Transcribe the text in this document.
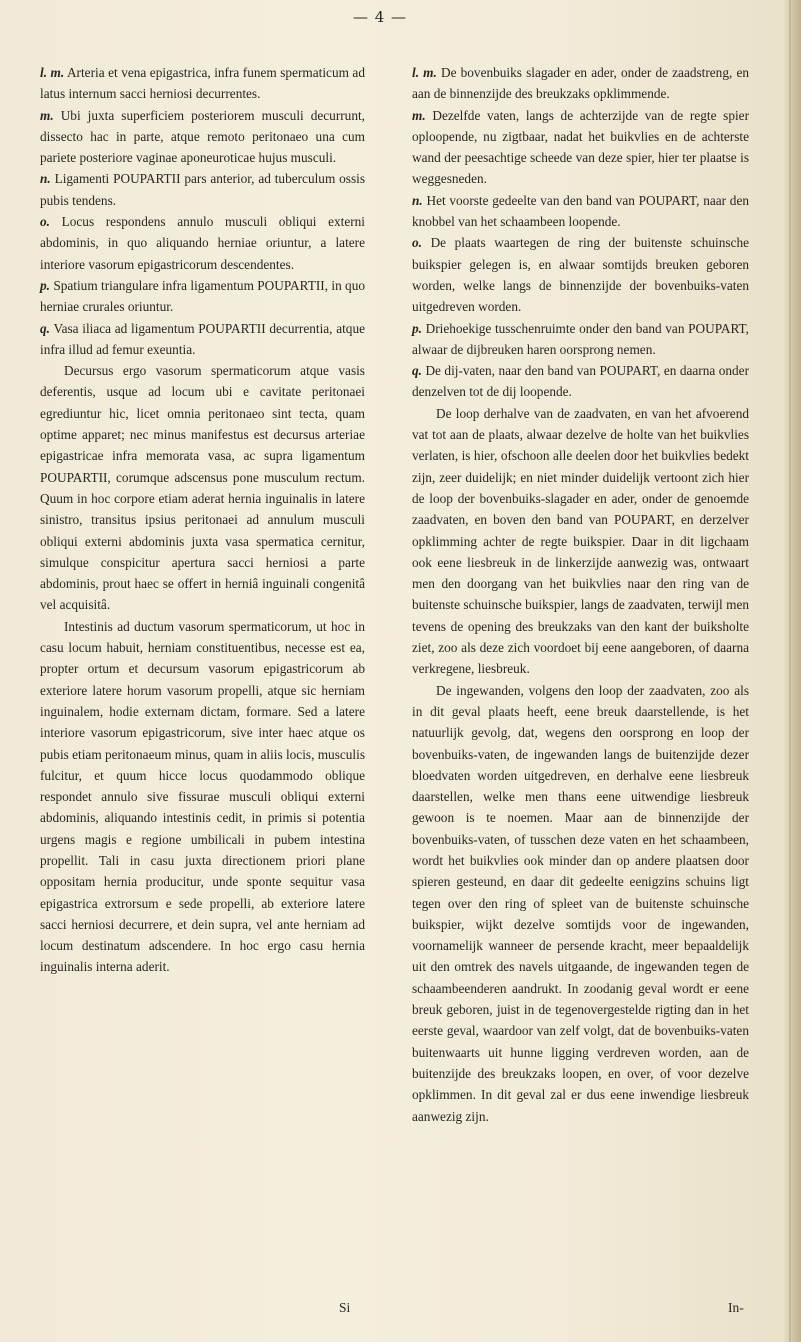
— 4 —

l. m. Arteria et vena epigastrica, infra funem spermaticum ad latus internum sacci herniosi decurrentes.

m. Ubi juxta superficiem posteriorem musculi decurrunt, dissecto hac in parte, atque remoto peritonaeo una cum pariete posteriore vaginae aponeuroticae hujus musculi.

n. Ligamenti POUPARTII pars anterior, ad tuberculum ossis pubis tendens.

o. Locus respondens annulo musculi obliqui externi abdominis, in quo aliquando herniae oriuntur, a latere interiore vasorum epigastricorum descendentes.

p. Spatium triangulare infra ligamentum POUPARTII, in quo herniae crurales oriuntur.

q. Vasa iliaca ad ligamentum POUPARTII decurrentia, atque infra illud ad femur exeuntia.

Decursus ergo vasorum spermaticorum atque vasis deferentis, usque ad locum ubi e cavitate peritonaei egrediuntur hic, licet omnia peritonaeo sint tecta, quam optime apparet; nec minus manifestus est decursus arteriae epigastricae infra memorata vasa, ac supra ligamentum POUPARTII, corumque adscensus pone musculum rectum. Quum in hoc corpore etiam aderat hernia inguinalis in latere sinistro, transitus ipsius peritonaei ad annulum musculi obliqui externi abdominis juxta vasa spermatica cernitur, simulque conspicitur apertura sacci herniosi a parte abdominis, prout haec se offert in herniâ inguinali congenitâ vel acquisitâ.

Intestinis ad ductum vasorum spermaticorum, ut hoc in casu locum habuit, herniam constituentibus, necesse est ea, propter ortum et decursum vasorum epigastricorum ab exteriore latere horum vasorum propelli, atque sic herniam inguinalem, hodie externam dictam, formare. Sed a latere interiore vasorum epigastricorum, sive inter haec atque os pubis etiam peritonaeum minus, quam in aliis locis, musculis fulcitur, et quum hicce locus quodammodo oblique respondet annulo sive fissurae musculi obliqui externi abdominis, aliquando intestinis cedit, in primis si potentia urgens magis e regione umbilicali in pubem intestina propellit. Tali in casu juxta directionem priori plane oppositam hernia producitur, unde sponte sequitur vasa epigastrica extrorsum e sede propelli, ab exteriore latere sacci herniosi decurrere, et dein supra, vel ante herniam ad locum destinatum adscendere. In hoc ergo casu hernia inguinalis interna aderit.

l. m. De bovenbuiks slagader en ader, onder de zaadstreng, en aan de binnenzijde des breukzaks opklimmende.

m. Dezelfde vaten, langs de achterzijde van de regte spier oploopende, nu zigtbaar, nadat het buikvlies en de achterste wand der peesachtige scheede van deze spier, hier ter plaatse is weggesneden.

n. Het voorste gedeelte van den band van POUPART, naar den knobbel van het schaambeen loopende.

o. De plaats waartegen de ring der buitenste schuinsche buikspier gelegen is, en alwaar somtijds breuken geboren worden, welke langs de binnenzijde der bovenbuiks-vaten uitgedreven worden.

p. Driehoekige tusschenruimte onder den band van POUPART, alwaar de dijbreuken haren oorsprong nemen.

q. De dij-vaten, naar den band van POUPART, en daarna onder denzelven tot de dij loopende.

De loop derhalve van de zaadvaten, en van het afvoerend vat tot aan de plaats, alwaar dezelve de holte van het buikvlies verlaten, is hier, ofschoon alle deelen door het buikvlies bedekt zijn, zeer duidelijk; en niet minder duidelijk vertoont zich hier de loop der bovenbuiks-slagader en ader, onder de genoemde zaadvaten, en boven den band van POUPART, en derzelver opklimming achter de regte buikspier. Daar in dit ligchaam ook eene liesbreuk in de linkerzijde aanwezig was, ontwaart men den doorgang van het buikvlies naar den ring van de buitenste schuinsche buikspier, langs de zaadvaten, terwijl men tevens de opening des breukzaks van den kant der buiksholte ziet, zoo als deze zich voordoet bij eene aangeboren, of daarna verkregene, liesbreuk.

De ingewanden, volgens den loop der zaadvaten, zoo als in dit geval plaats heeft, eene breuk daarstellende, is het natuurlijk gevolg, dat, wegens den oorsprong en loop der bovenbuiks-vaten, de ingewanden langs de buitenzijde dezer bloedvaten worden uitgedreven, en derhalve eene liesbreuk daarstellen, welke men thans eene uitwendige liesbreuk gewoon is te noemen. Maar aan de binnenzijde der bovenbuiks-vaten, of tusschen deze vaten en het schaambeen, wordt het buikvlies ook minder dan op andere plaatsen door spieren gesteund, en daar dit gedeelte eenigzins schuins ligt tegen over den ring of spleet van de buitenste schuinsche buikspier, wijkt dezelve somtijds voor de ingewanden, voornamelijk wanneer de persende kracht, meer bepaaldelijk uit den omtrek des navels uitgaande, de ingewanden tegen de schaambeenderen aandrukt. In zoodanig geval wordt er eene breuk geboren, juist in de tegenovergestelde rigting dan in het eerste geval, waardoor van zelf volgt, dat de bovenbuiks-vaten buitenwaarts uit hunne ligging verdreven worden, aan de buitenzijde des breukzaks loopen, en over, of voor dezelve opklimmen. In dit geval zal er dus eene inwendige liesbreuk aanwezig zijn.

Si	In-
